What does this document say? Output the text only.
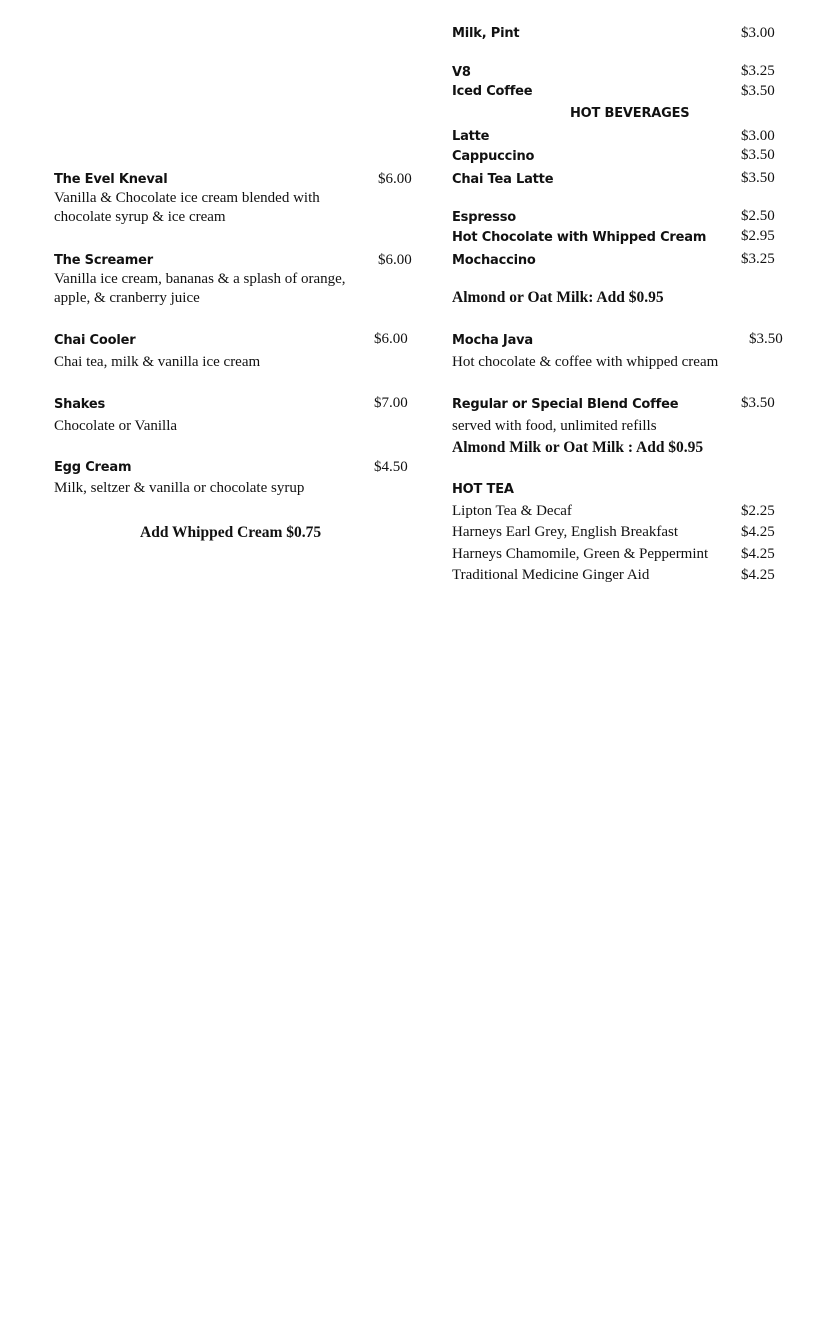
The Evel Kneval	$6.00
Vanilla & Chocolate ice cream blended with
chocolate syrup & ice cream
The Screamer	$6.00
Vanilla ice cream, bananas & a splash of orange,
apple, & cranberry juice
Chai Cooler	$6.00
Chai tea, milk & vanilla ice cream
Shakes	$7.00
Chocolate or Vanilla
Egg Cream	$4.50
Milk, seltzer & vanilla or chocolate syrup
Add Whipped Cream $0.75
Milk, Pint	$3.00
V8	$3.25
Iced Coffee	$3.50
HOT BEVERAGES
Latte	$3.00
Cappuccino	$3.50
Chai Tea Latte	$3.50
Espresso	$2.50
Hot Chocolate with Whipped Cream $2.95
Mochaccino	$3.25
Almond or Oat Milk: Add $0.95
Mocha Java	$3.50
Hot chocolate & coffee with whipped cream
Regular or Special Blend Coffee	$3.50
served with food, unlimited refills
Almond Milk or Oat Milk : Add $0.95
HOT TEA
Lipton Tea & Decaf	$2.25
Harneys Earl Grey, English Breakfast	$4.25
Harneys Chamomile, Green & Peppermint $4.25
Traditional Medicine Ginger Aid	$4.25
